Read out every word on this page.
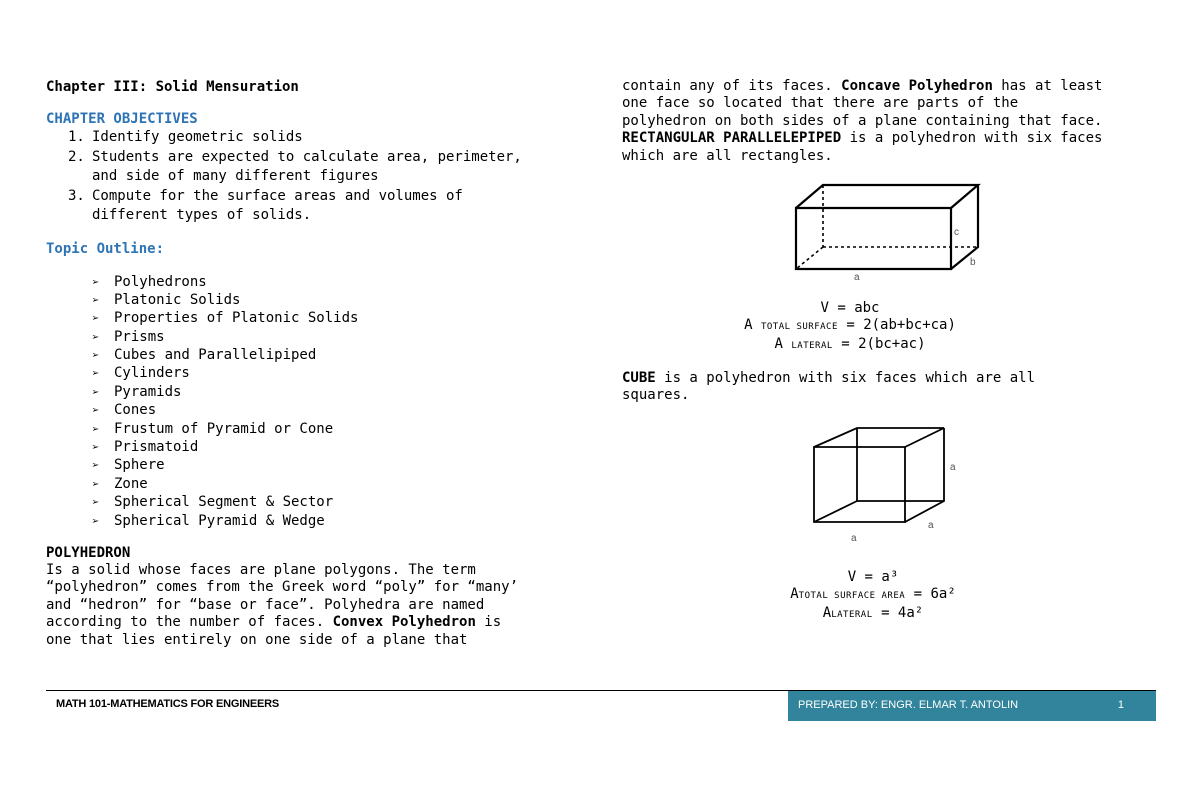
Chapter III: Solid Mensuration
CHAPTER OBJECTIVES
1. Identify geometric solids
2. Students are expected to calculate area, perimeter,
and side of many different figures
3. Compute for the surface areas and volumes of
different types of solids.
Topic Outline:
➢ Polyhedrons
➢ Platonic Solids
➢ Properties of Platonic Solids
➢ Prisms
➢ Cubes and Parallelipiped
➢ Cylinders
➢ Pyramids
➢ Cones
➢ Frustum of Pyramid or Cone
➢ Prismatoid
➢ Sphere
➢ Zone
➢ Spherical Segment & Sector
➢ Spherical Pyramid & Wedge
POLYHEDRON
Is a solid whose faces are plane polygons. The term
“polyhedron” comes from the Greek word “poly” for “many’
and “hedron” for “base or face”. Polyhedra are named
according to the number of faces. Convex Polyhedron is
one that lies entirely on one side of a plane that
contain any of its faces. Concave Polyhedron has at least
one face so located that there are parts of the
polyhedron on both sides of a plane containing that face.
RECTANGULAR PARALLELEPIPED is a polyhedron with six faces
which are all rectangles.
c
b
a
V = abc
A TOTAL SURFACE = 2(ab+bc+ca)
A LATERAL = 2(bc+ac)
CUBE is a polyhedron with six faces which are all
squares.
a
a
a
V = a³
ATOTAL SURFACE AREA = 6a²
ALATERAL = 4a²
MATH 101-MATHEMATICS FOR ENGINEERS	PREPARED BY: ENGR. ELMAR T. ANTOLIN	1
